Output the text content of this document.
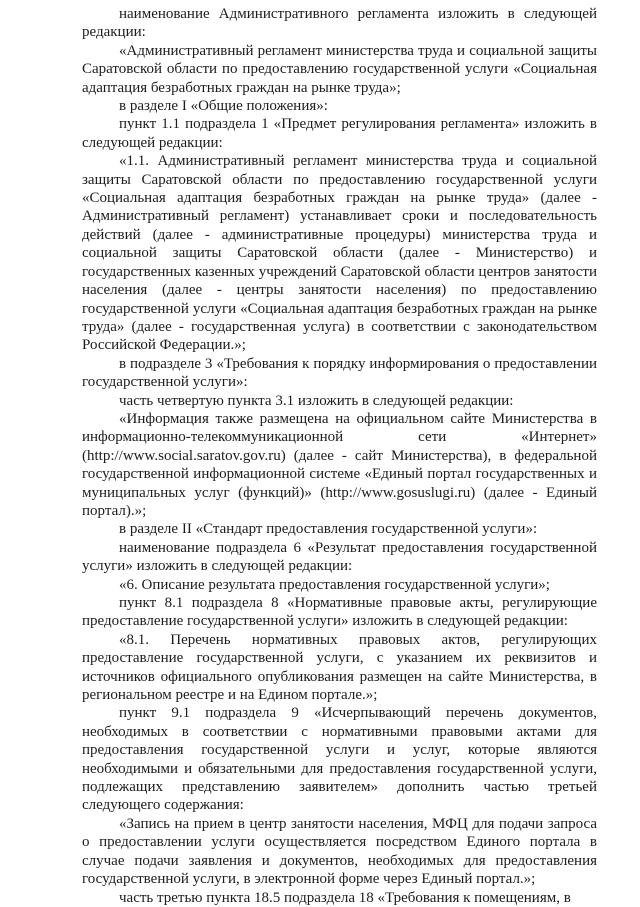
наименование Административного регламента изложить в следующей редакции:

«Административный регламент министерства труда и социальной защиты Саратовской области по предоставлению государственной услуги «Социальная адаптация безработных граждан на рынке труда»;

в разделе I «Общие положения»:

пункт 1.1 подраздела 1 «Предмет регулирования регламента» изложить в следующей редакции:

«1.1. Административный регламент министерства труда и социальной защиты Саратовской области по предоставлению государственной услуги «Социальная адаптация безработных граждан на рынке труда» (далее - Административный регламент) устанавливает сроки и последовательность действий (далее - административные процедуры) министерства труда и социальной защиты Саратовской области (далее - Министерство) и государственных казенных учреждений Саратовской области центров занятости населения (далее - центры занятости населения) по предоставлению государственной услуги «Социальная адаптация безработных граждан на рынке труда» (далее - государственная услуга) в соответствии с законодательством Российской Федерации.»;

в подразделе 3 «Требования к порядку информирования о предоставлении государственной услуги»:

часть четвертую пункта 3.1 изложить в следующей редакции:

«Информация также размещена на официальном сайте Министерства в информационно-телекоммуникационной сети «Интернет» (http://www.social.saratov.gov.ru) (далее - сайт Министерства), в федеральной государственной информационной системе «Единый портал государственных и муниципальных услуг (функций)» (http://www.gosuslugi.ru) (далее - Единый портал).»;

в разделе II «Стандарт предоставления государственной услуги»:

наименование подраздела 6 «Результат предоставления государственной услуги» изложить в следующей редакции:

«6. Описание результата предоставления государственной услуги»;

пункт 8.1 подраздела 8 «Нормативные правовые акты, регулирующие предоставление государственной услуги» изложить в следующей редакции:

«8.1. Перечень нормативных правовых актов, регулирующих предоставление государственной услуги, с указанием их реквизитов и источников официального опубликования размещен на сайте Министерства, в региональном реестре и на Едином портале.»;

пункт 9.1 подраздела 9 «Исчерпывающий перечень документов, необходимых в соответствии с нормативными правовыми актами для предоставления государственной услуги и услуг, которые являются необходимыми и обязательными для предоставления государственной услуги, подлежащих представлению заявителем» дополнить частью третьей следующего содержания:

«Запись на прием в центр занятости населения, МФЦ для подачи запроса о предоставлении услуги осуществляется посредством Единого портала в случае подачи заявления и документов, необходимых для предоставления государственной услуги, в электронной форме через Единый портал.»;

часть третью пункта 18.5 подраздела 18 «Требования к помещениям, в
